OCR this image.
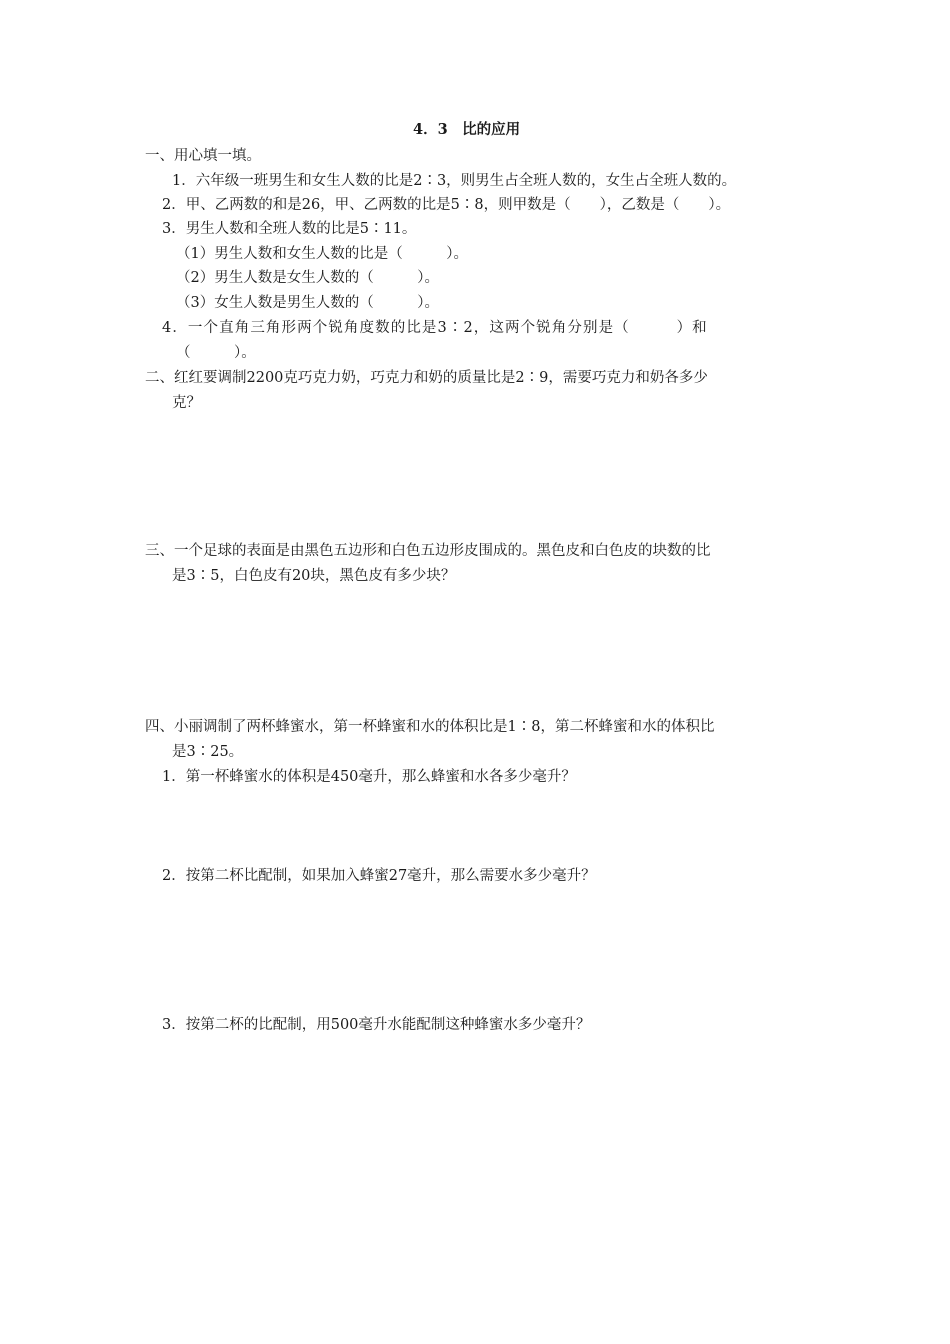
4．3　比的应用
一、用心填一填。
1．六年级一班男生和女生人数的比是2∶3，则男生占全班人数的，女生占全班人数的。
2．甲、乙两数的和是26，甲、乙两数的比是5∶8，则甲数是（　　），乙数是（　　）。
3．男生人数和全班人数的比是5∶11。
（1）男生人数和女生人数的比是（　　　）。
（2）男生人数是女生人数的（　　　）。
（3）女生人数是男生人数的（　　　）。
4．一个直角三角形两个锐角度数的比是3∶2，这两个锐角分别是（　　　）和
（　　　）。
二、红红要调制2200克巧克力奶，巧克力和奶的质量比是2∶9，需要巧克力和奶各多少
克？
三、一个足球的表面是由黑色五边形和白色五边形皮围成的。黑色皮和白色皮的块数的比
是3∶5，白色皮有20块，黑色皮有多少块？
四、小丽调制了两杯蜂蜜水，第一杯蜂蜜和水的体积比是1∶8，第二杯蜂蜜和水的体积比
是3∶25。
1．第一杯蜂蜜水的体积是450毫升，那么蜂蜜和水各多少毫升？
2．按第二杯比配制，如果加入蜂蜜27毫升，那么需要水多少毫升？
3．按第二杯的比配制，用500毫升水能配制这种蜂蜜水多少毫升？
